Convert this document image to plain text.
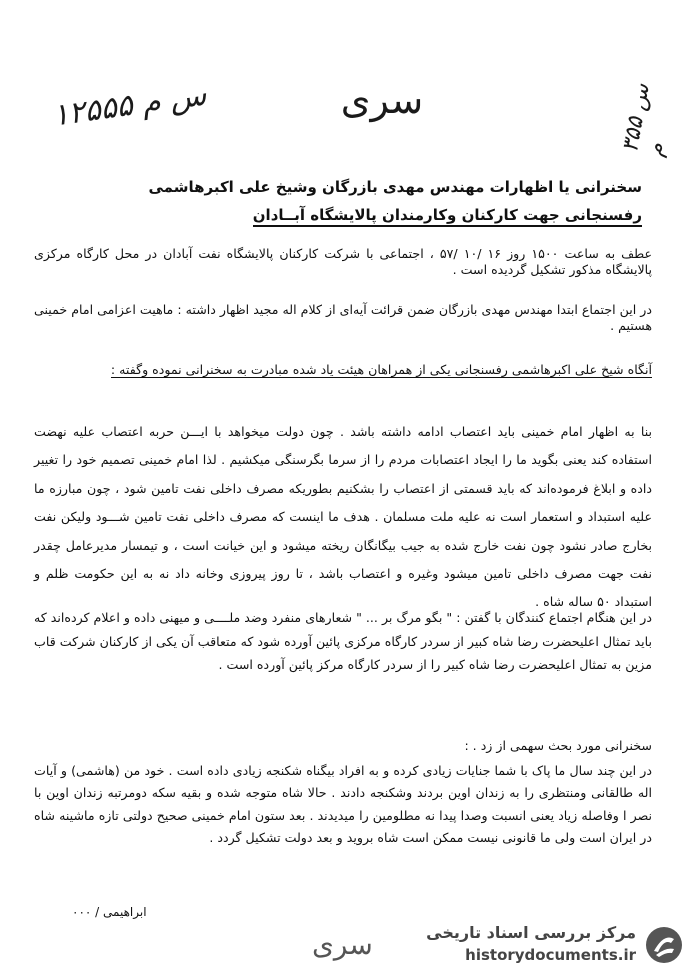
سری
۱۲۵۵۵ س م
۳۵۵ س م
سخنرانی یا اظهارات مهندس مهدی بازرگان وشیخ علی اکبرهاشمی
رفسنجانی جهت کارکنان وکارمندان پالایشگاه آبــادان

عطف به ساعت ۱۵۰۰ روز ۱۶ /۱۰ /۵۷ ، اجتماعی با شرکت کارکنان پالایشگاه نفت آبادان در محل کارگاه مرکزی پالایشگاه مذکور تشکیل گردیده است .

در این اجتماع ابتدا مهندس مهدی بازرگان ضمن قرائت آیه‌ای از کلام اله مجید اظهار داشته : ماهیت اعزامی امام خمینی هستیم .

آنگاه شیخ علی اکبرهاشمی رفسنجانی یکی از همراهان هیئت یاد شده مبادرت به سخنرانی نموده وگفته :

بنا به اظهار امام خمینی باید اعتصاب ادامه داشته باشد . چون دولت میخواهد با ایـــن حربه اعتصاب علیه نهضت استفاده کند یعنی بگوید ما را ایجاد اعتصابات مردم را از سرما بگرسنگی میکشیم . لذا امام خمینی تصمیم خود را تغییر داده و ابلاغ فرموده‌اند که باید قسمتی از اعتصاب را بشکنیم بطوریکه مصرف داخلی نفت تامین شود ، چون مبارزه ما علیه استبداد و استعمار است نه علیه ملت مسلمان . هدف ما اینست که مصرف داخلی نفت تامین شـــود ولیکن نفت بخارج صادر نشود چون نفت خارج شده به جیب بیگانگان ریخته میشود و این خیانت است ، و تیمسار مدیرعامل چقدر نفت جهت مصرف داخلی تامین میشود وغیره و اعتصاب باشد ، تا روز پیروزی وخانه داد نه به این حکومت ظلم و استبداد ۵۰ ساله شاه .

در این هنگام اجتماع کنندگان با گفتن : " بگو مرگ بر ... " شعارهای منفرد وضد ملــــی و میهنی داده و اعلام کرده‌اند که باید تمثال اعلیحضرت رضا شاه کبیر از سردر کارگاه مرکزی پائین آورده شود که متعاقب آن یکی از کارکنان شرکت قاب مزین به تمثال اعلیحضرت رضا شاه کبیر را از سردر کارگاه مرکز پائین آورده است .

سخنرانی مورد بحث سهمی از زد . :

در این چند سال ما پاک با شما جنایات زیادی کرده و به افراد بیگناه شکنجه زیادی داده است . خود من (هاشمی) و آیات اله طالقانی ومنتظری را به زندان اوین بردند وشکنجه دادند . حالا شاه متوجه شده و بقیه سکه دومرتبه زندان اوین با نصر ا وفاصله زیاد یعنی انسبت وصدا پیدا نه مطلومین را میدیدند . بعد ستون امام خمینی صحیح دولتی تازه ماشینه شاه در ایران است ولی ما قانونی نیست ممکن است شاه بروید و بعد دولت تشکیل گردد .

ابراهیمی / ۰۰۰
سری	مرکز بررسی اسناد تاریخی
historydocuments.ir
